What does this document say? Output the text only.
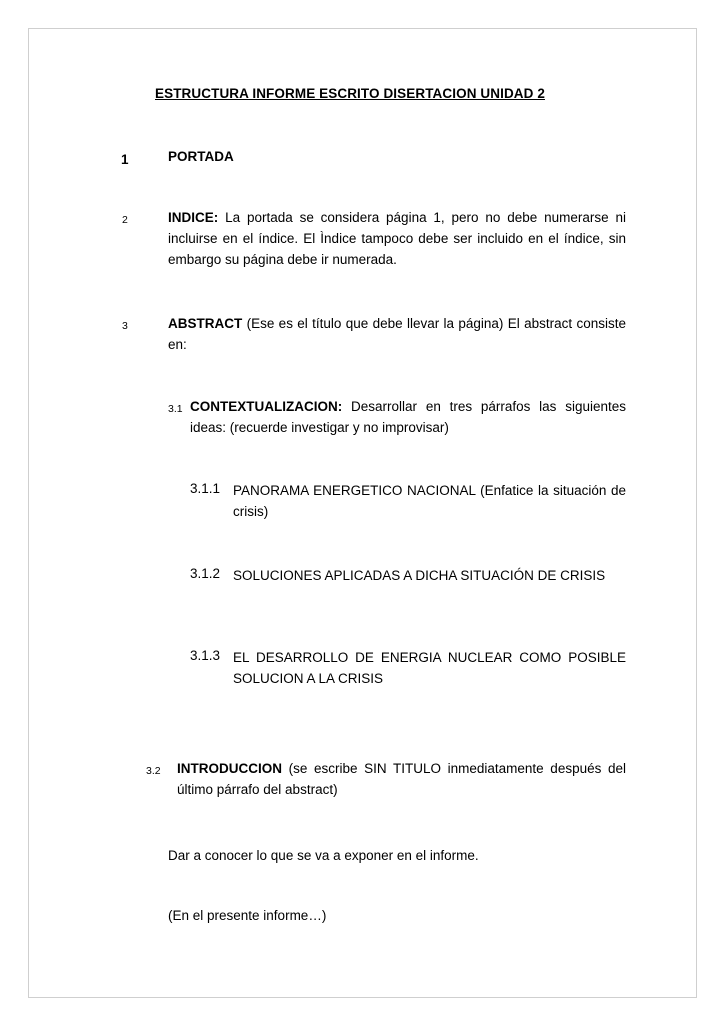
ESTRUCTURA INFORME ESCRITO DISERTACION UNIDAD 2
1	PORTADA
2	INDICE: La portada se considera página 1, pero no debe numerarse ni incluirse en el índice. El Ìndice tampoco debe ser incluido en el índice, sin embargo su página debe ir numerada.
3	ABSTRACT (Ese es el título que debe llevar la página) El abstract consiste en:
3.1 CONTEXTUALIZACION: Desarrollar en tres párrafos las siguientes ideas: (recuerde investigar y no improvisar)
3.1.1 PANORAMA ENERGETICO NACIONAL (Enfatice la situación de crisis)
3.1.2 SOLUCIONES APLICADAS A DICHA SITUACIÓN DE CRISIS
3.1.3 EL DESARROLLO DE ENERGIA NUCLEAR COMO POSIBLE SOLUCION A LA CRISIS
3.2 INTRODUCCION (se escribe SIN TITULO inmediatamente después del último párrafo del abstract)
Dar a conocer lo que se va a exponer en el informe.
(En el presente informe…)
